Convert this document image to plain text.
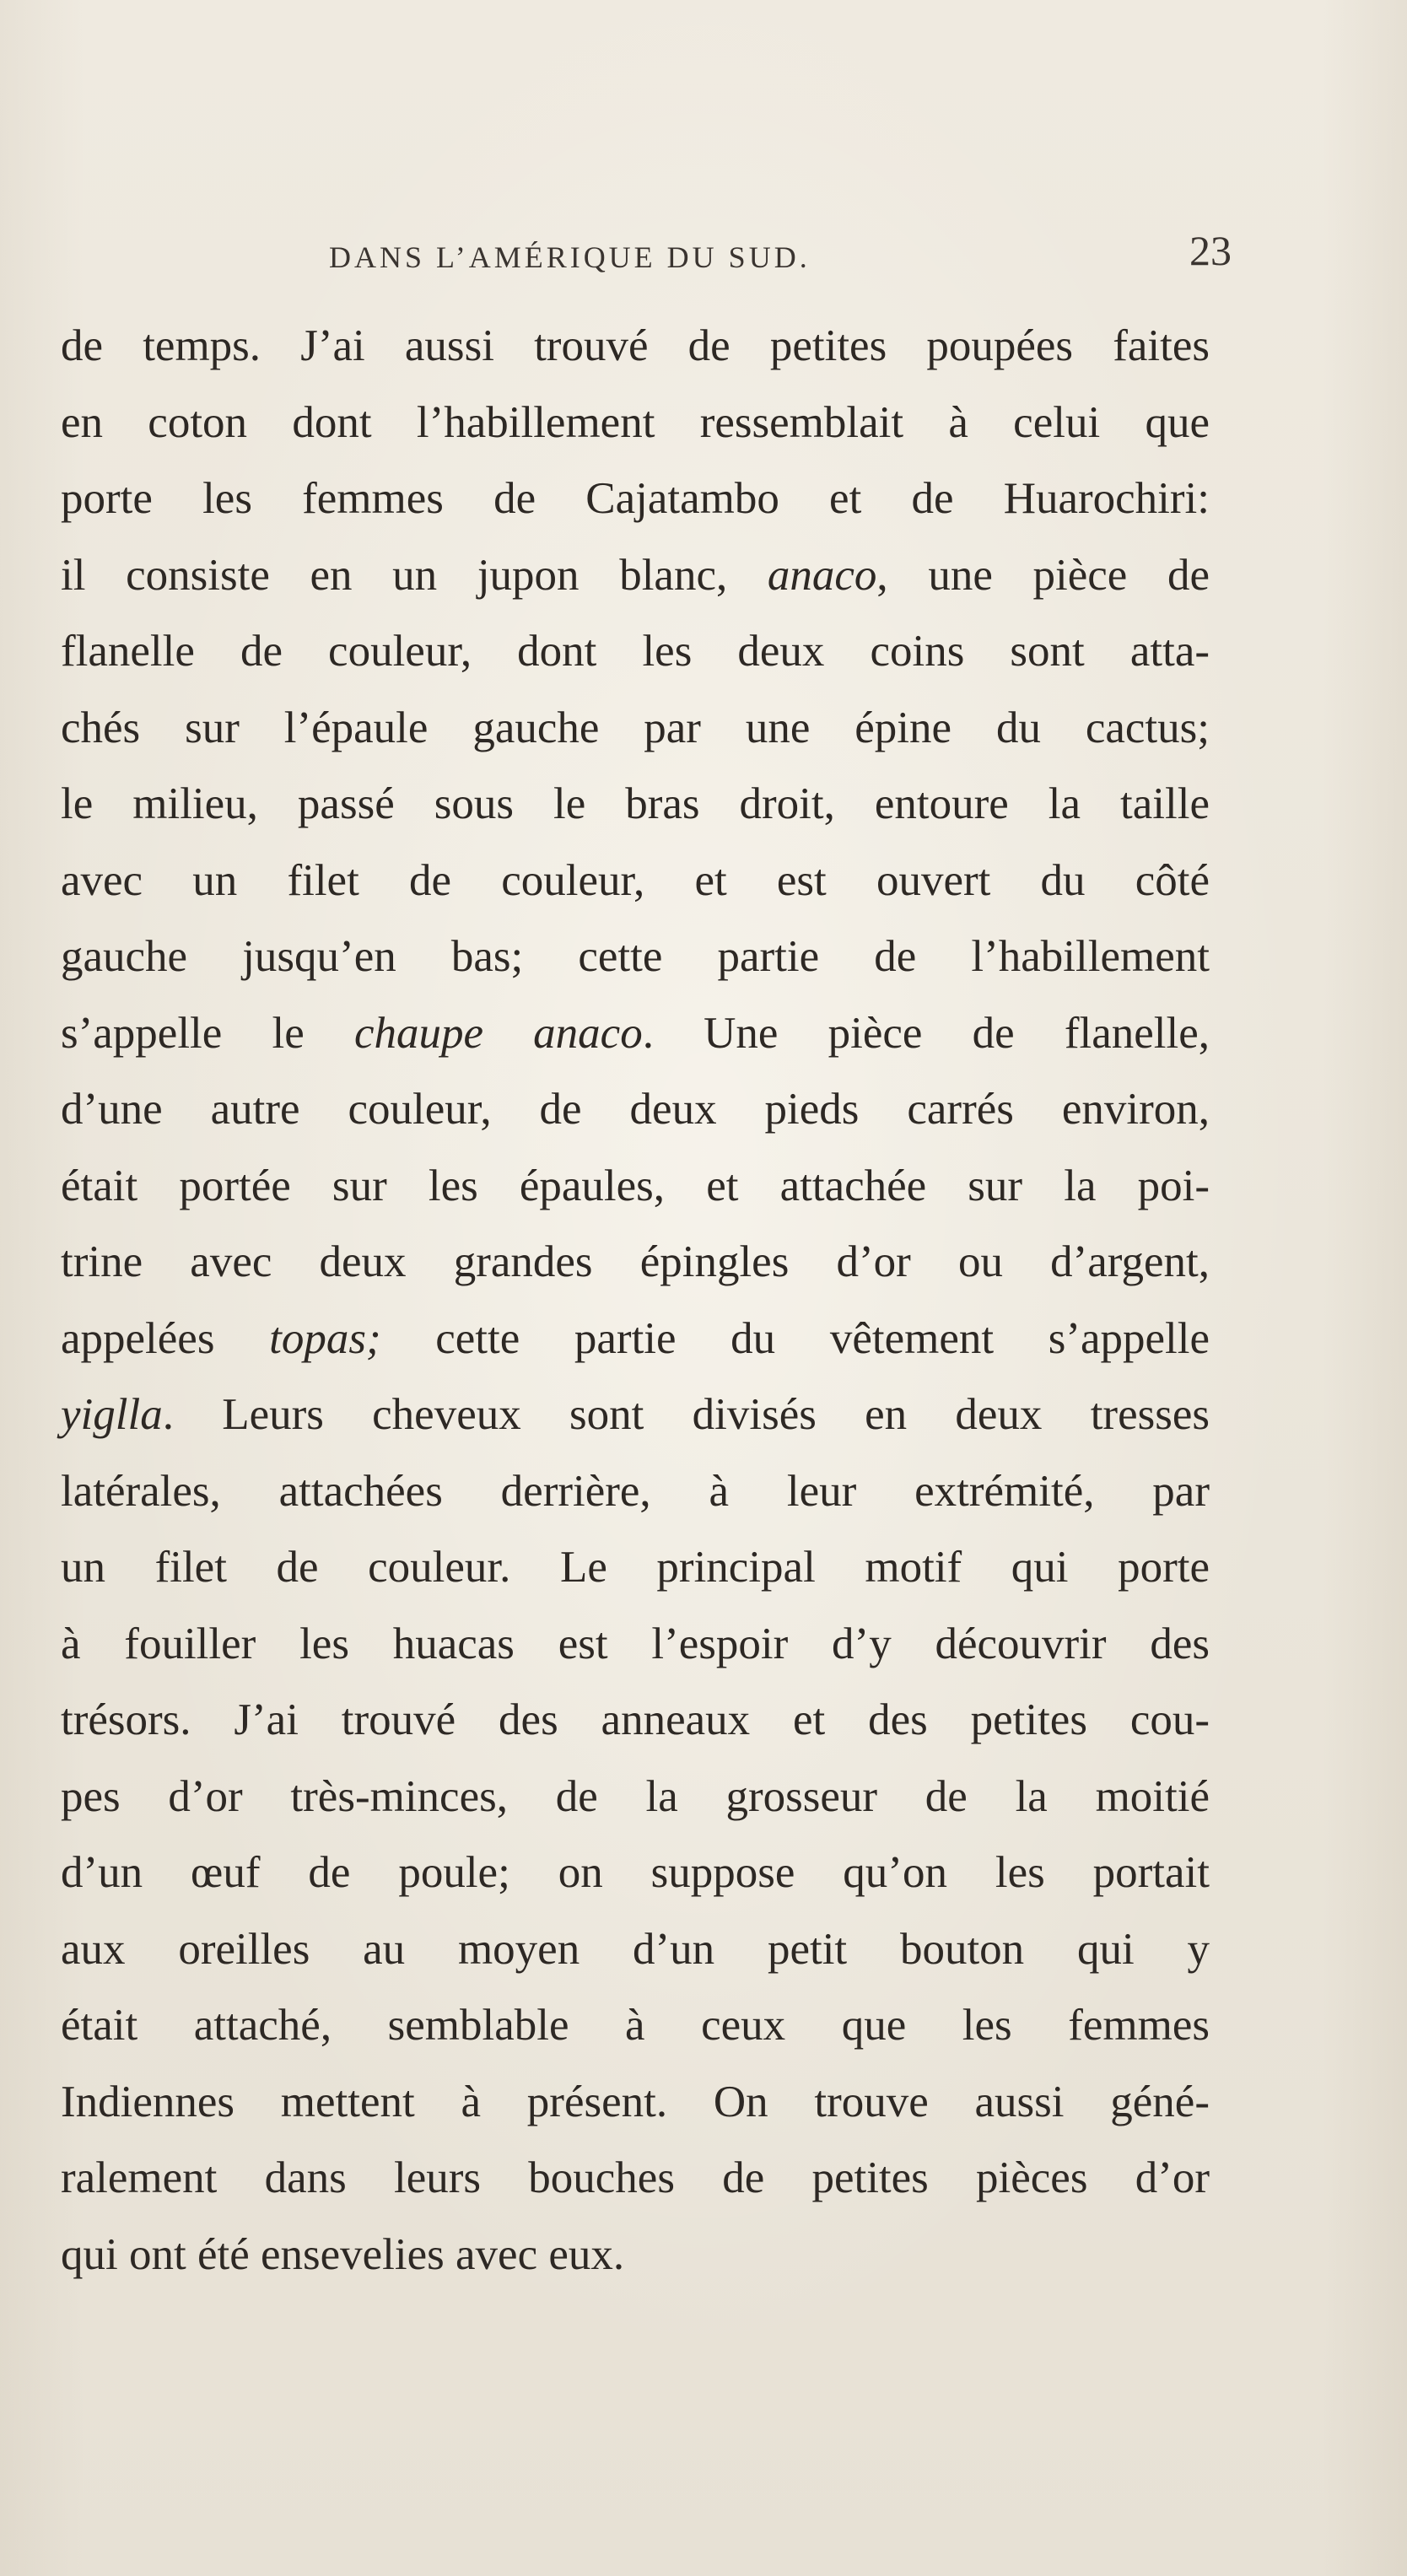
DANS L’AMÉRIQUE DU SUD.	23
de temps. J’ai aussi trouvé de petites poupées faites
en coton dont l’habillement ressemblait à celui que
porte les femmes de Cajatambo et de Huarochiri:
il consiste en un jupon blanc, anaco, une pièce de
flanelle de couleur, dont les deux coins sont atta-
chés sur l’épaule gauche par une épine du cactus;
le milieu, passé sous le bras droit, entoure la taille
avec un filet de couleur, et est ouvert du côté
gauche jusqu’en bas; cette partie de l’habillement
s’appelle le chaupe anaco. Une pièce de flanelle,
d’une autre couleur, de deux pieds carrés environ,
était portée sur les épaules, et attachée sur la poi-
trine avec deux grandes épingles d’or ou d’argent,
appelées topas; cette partie du vêtement s’appelle
yiglla. Leurs cheveux sont divisés en deux tresses
latérales, attachées derrière, à leur extrémité, par
un filet de couleur. Le principal motif qui porte
à fouiller les huacas est l’espoir d’y découvrir des
trésors. J’ai trouvé des anneaux et des petites cou-
pes d’or très-minces, de la grosseur de la moitié
d’un œuf de poule; on suppose qu’on les portait
aux oreilles au moyen d’un petit bouton qui y
était attaché, semblable à ceux que les femmes
Indiennes mettent à présent. On trouve aussi géné-
ralement dans leurs bouches de petites pièces d’or
qui ont été ensevelies avec eux.
